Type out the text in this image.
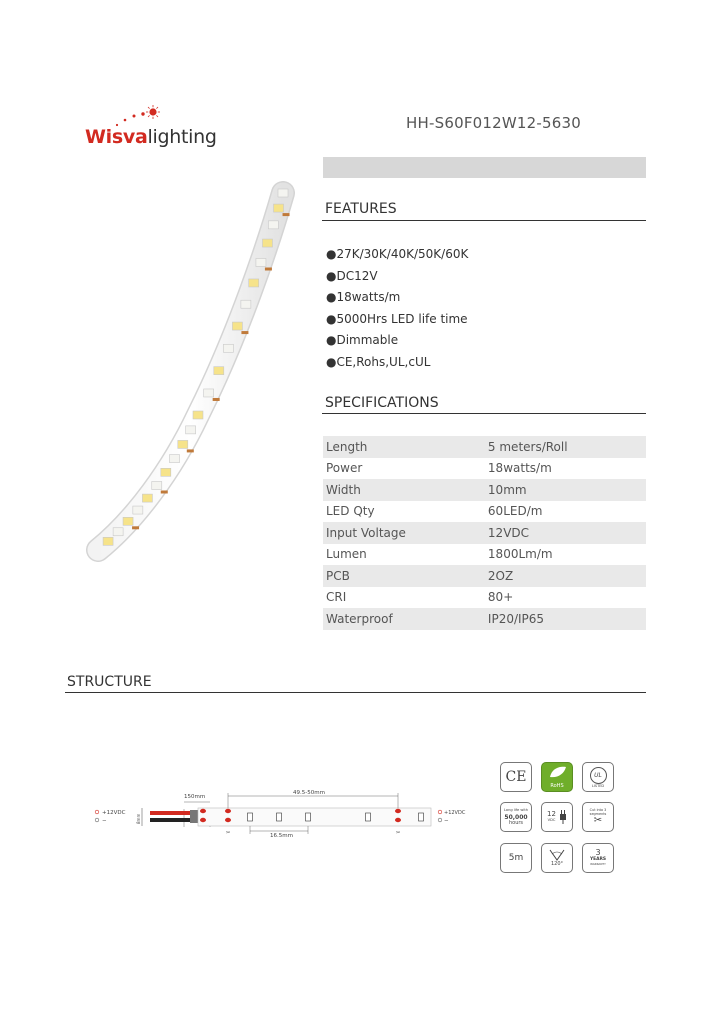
Wisvalighting
HH-S60F012W12-5630
FEATURES
●27K/30K/40K/50K/60K
●DC12V
●18watts/m
●5000Hrs LED life time
●Dimmable
●CE,Rohs,UL,cUL
SPECIFICATIONS
Length	5 meters/Roll
Power	18watts/m
Width	10mm
LED Qty	60LED/m
Input Voltage	12VDC
Lumen	1800Lm/m
PCB	2OZ
CRI	80+
Waterproof	IP20/IP65
STRUCTURE
+12VDC
−	8mm
150mm
49.5-50mm
16.5mm
✂	✂
+12VDC
−
CE
RoHS
UL
LISTED
Long life with
50,000
hours
12
VDC
Cut into 3 segments
✂
5m
120°
3
YEARS
WARRANTY
